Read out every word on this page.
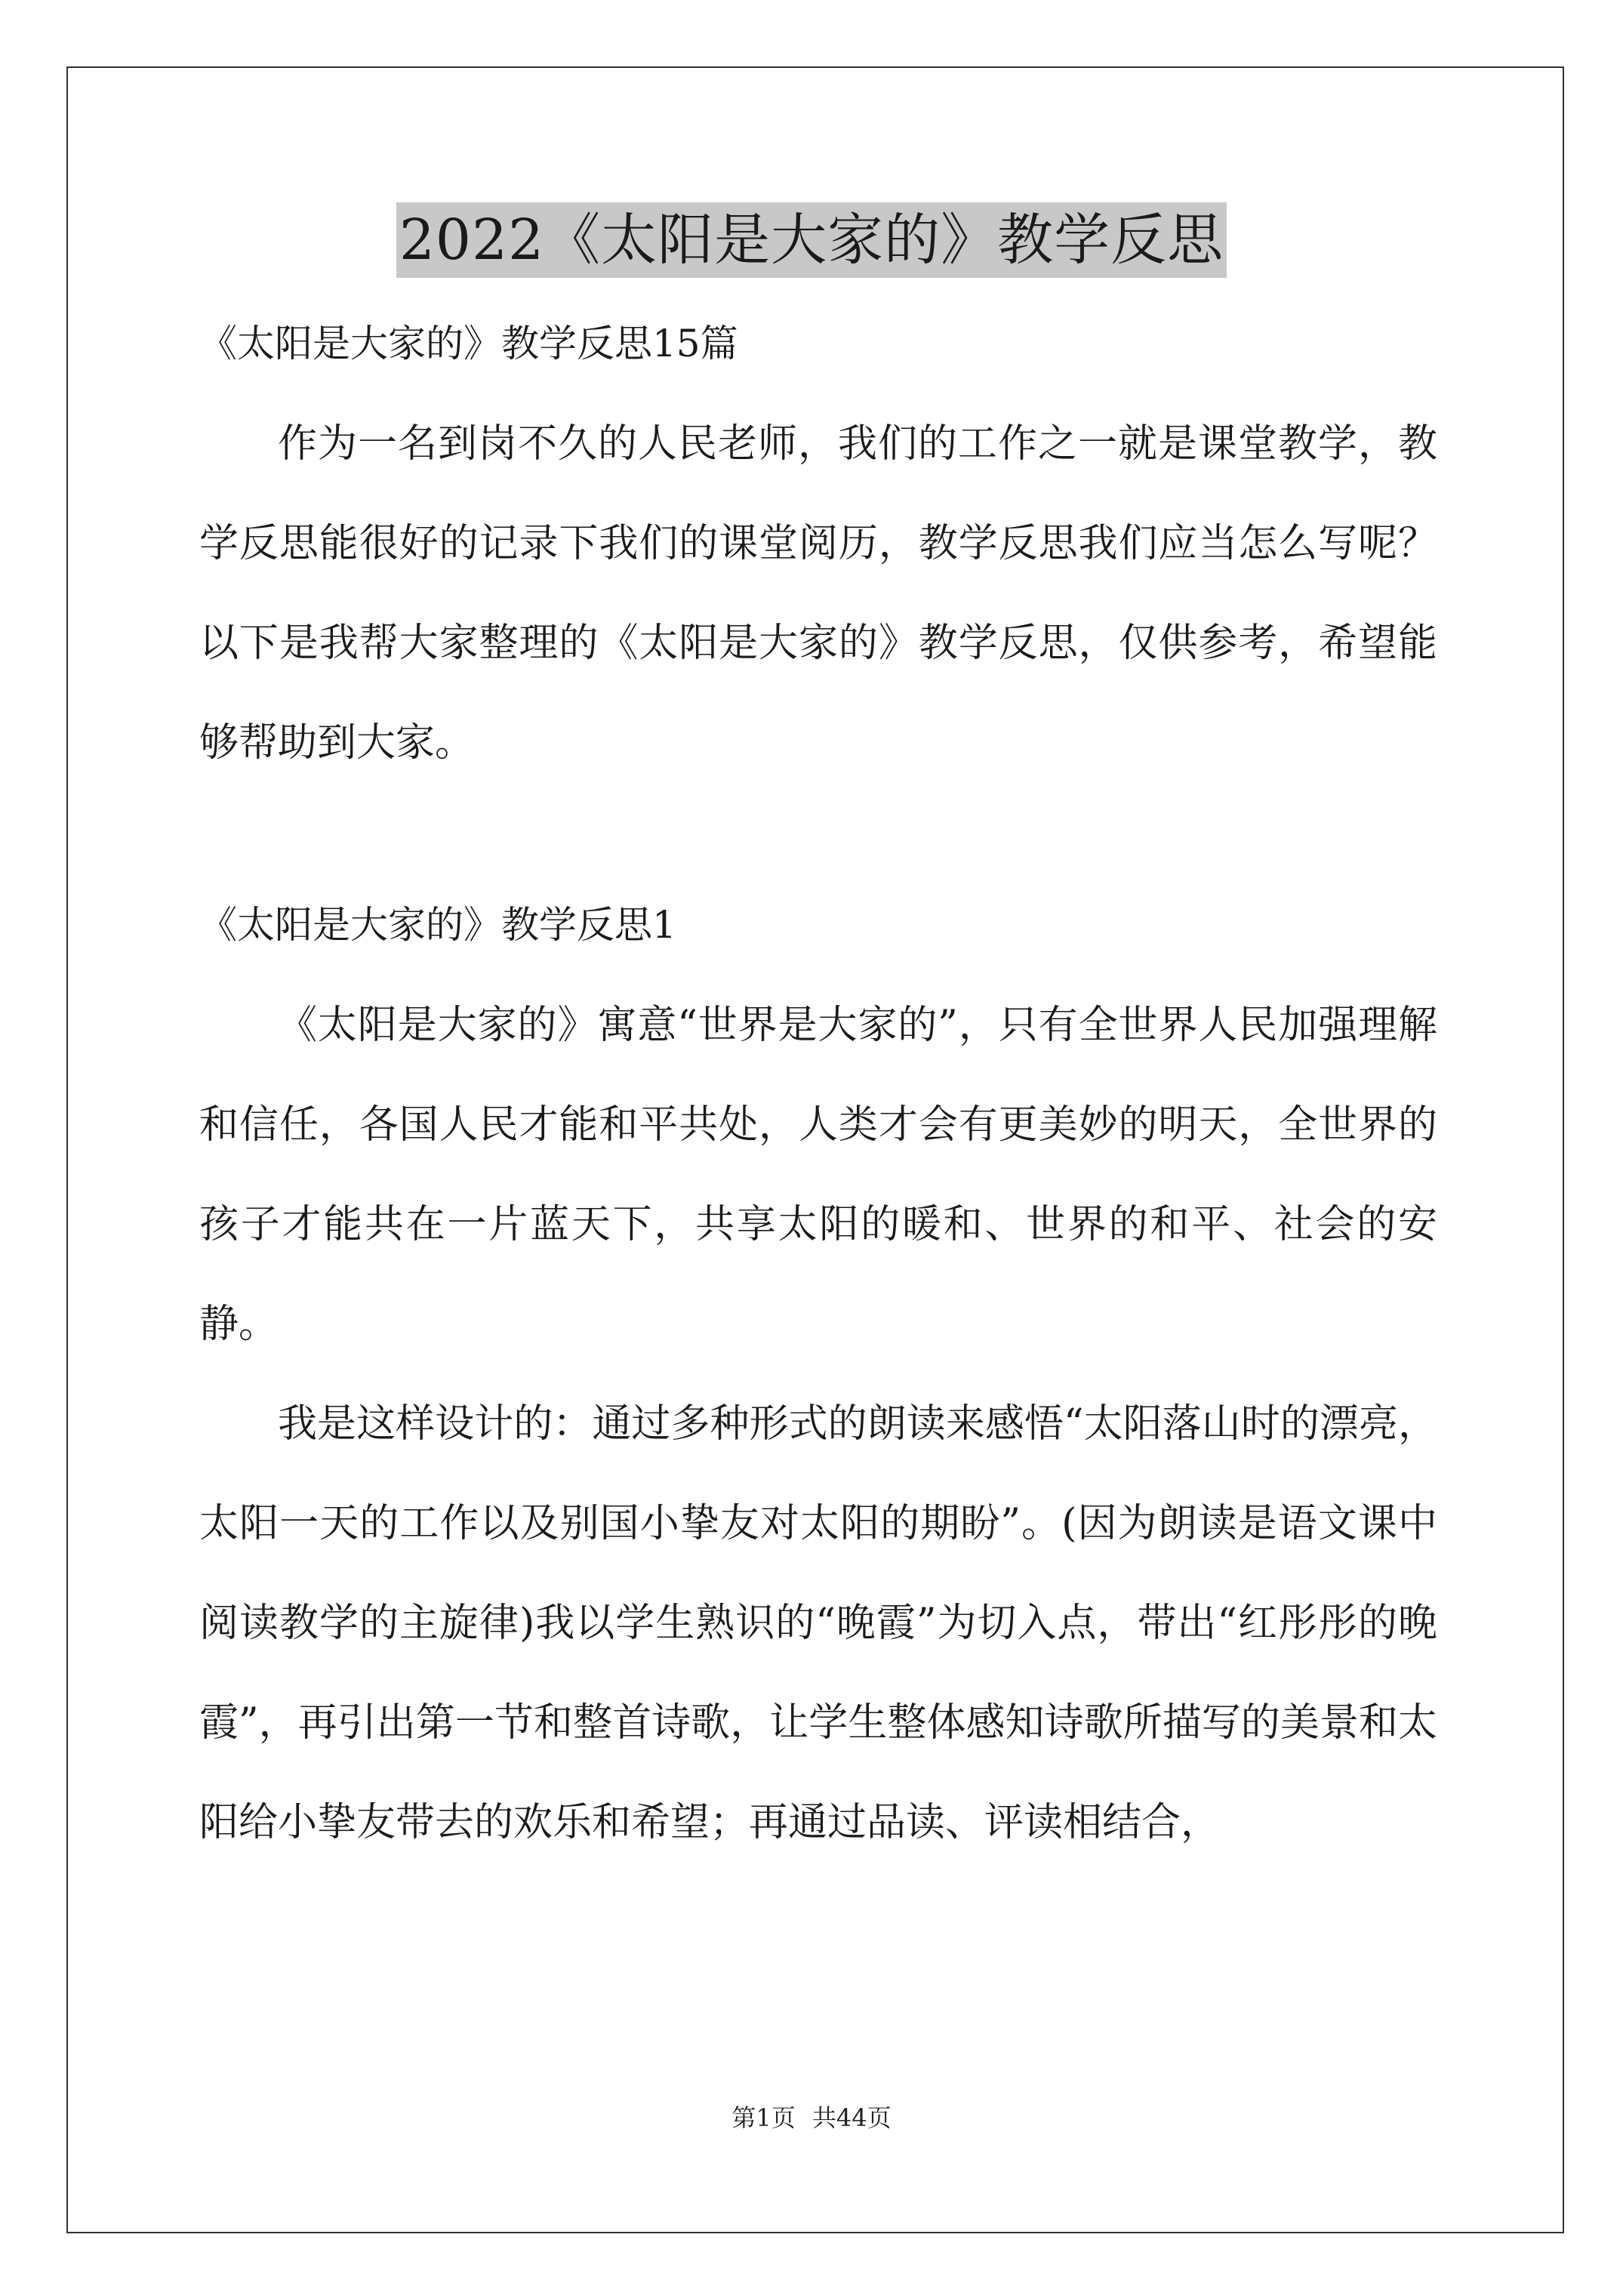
2022《太阳是大家的》教学反思

《太阳是大家的》教学反思15篇

作为一名到岗不久的人民老师，我们的工作之一就是课堂教学，教学反思能很好的记录下我们的课堂阅历，教学反思我们应当怎么写呢？以下是我帮大家整理的《太阳是大家的》教学反思，仅供参考，希望能够帮助到大家。

《太阳是大家的》教学反思1

《太阳是大家的》寓意“世界是大家的”，只有全世界人民加强理解和信任，各国人民才能和平共处，人类才会有更美妙的明天，全世界的孩子才能共在一片蓝天下，共享太阳的暖和、世界的和平、社会的安静。

我是这样设计的：通过多种形式的朗读来感悟“太阳落山时的漂亮，太阳一天的工作以及别国小挚友对太阳的期盼”。(因为朗读是语文课中阅读教学的主旋律)我以学生熟识的“晚霞”为切入点，带出“红彤彤的晚霞”，再引出第一节和整首诗歌，让学生整体感知诗歌所描写的美景和太阳给小挚友带去的欢乐和希望；再通过品读、评读相结合，

第1页 共44页
